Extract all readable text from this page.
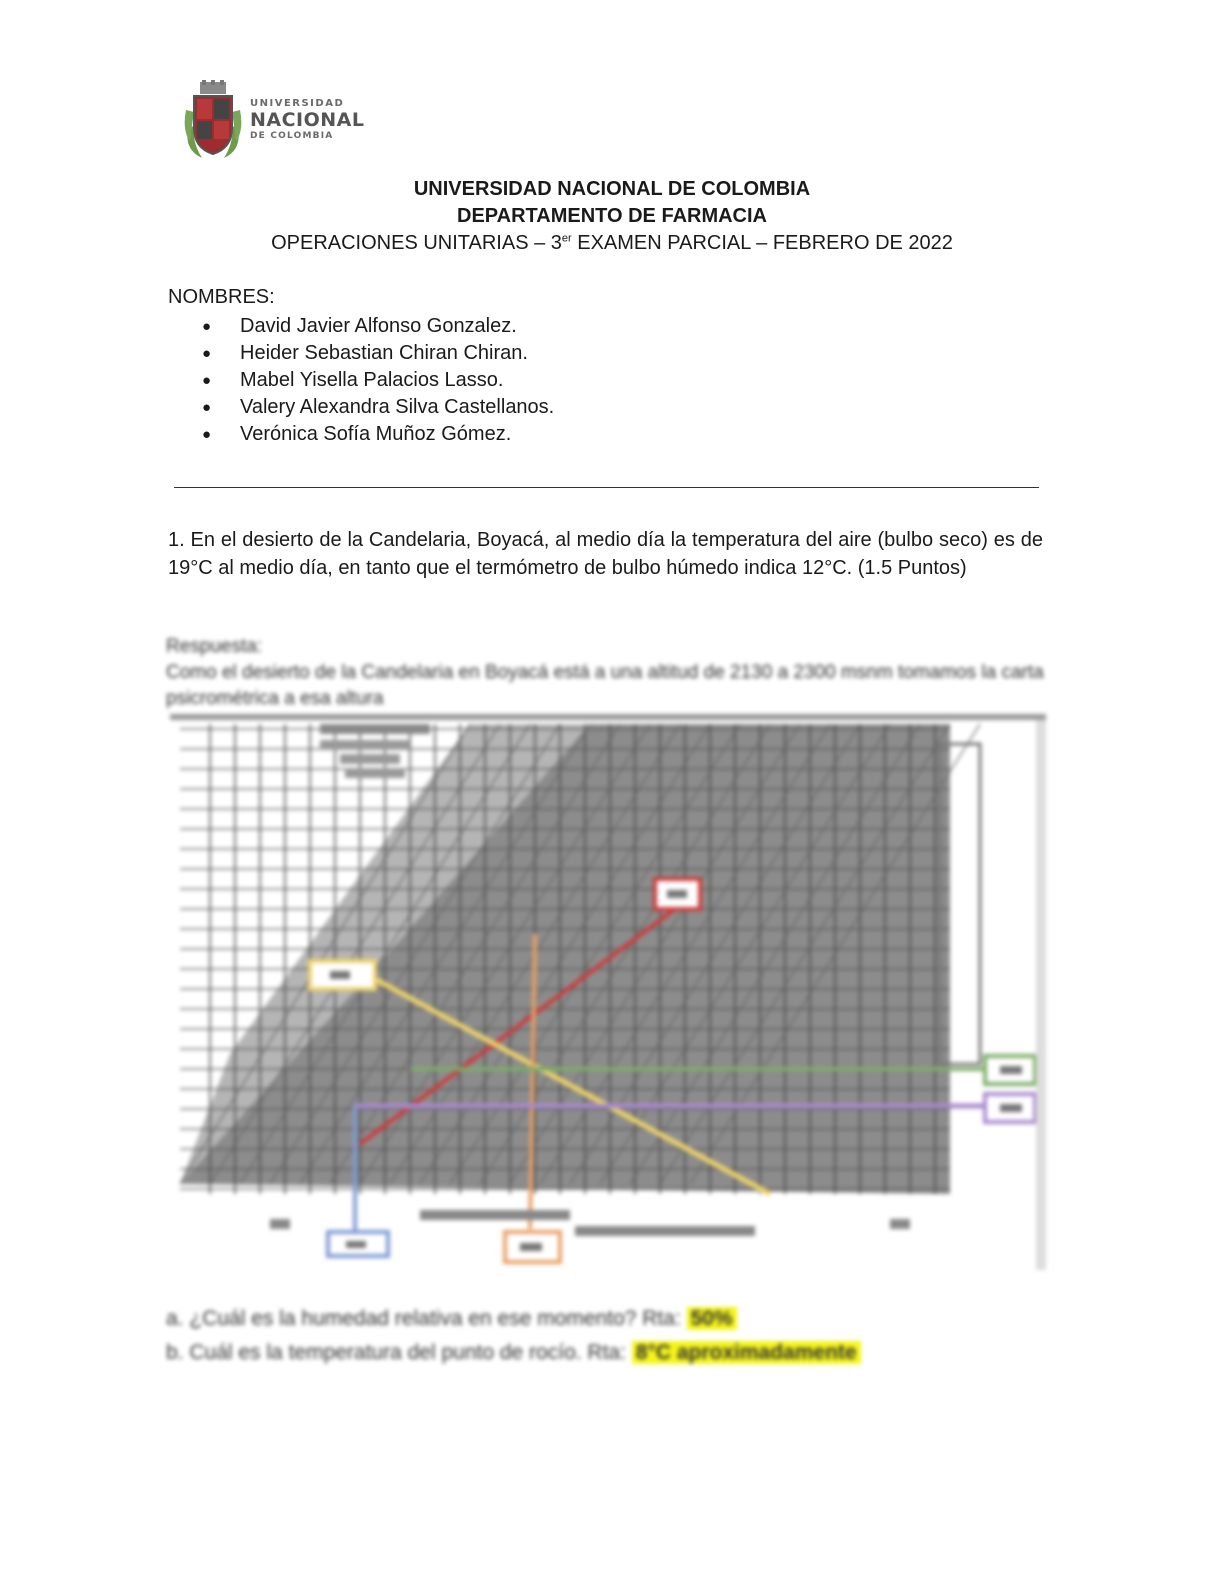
UNIVERSIDAD
NACIONAL
DE COLOMBIA
UNIVERSIDAD NACIONAL DE COLOMBIA
DEPARTAMENTO DE FARMACIA
OPERACIONES UNITARIAS – 3er EXAMEN PARCIAL – FEBRERO DE 2022
NOMBRES:
● David Javier Alfonso Gonzalez.
● Heider Sebastian Chiran Chiran.
● Mabel Yisella Palacios Lasso.
● Valery Alexandra Silva Castellanos.
● Verónica Sofía Muñoz Gómez.
1. En el desierto de la Candelaria, Boyacá, al medio día la temperatura del aire (bulbo seco) es de 19°C al medio día, en tanto que el termómetro de bulbo húmedo indica 12°C. (1.5 Puntos)
Respuesta:
Como el desierto de la Candelaria en Boyacá está a una altitud de 2130 a 2300 msnm tomamos la carta psicrométrica a esa altura
a. ¿Cuál es la humedad relativa en ese momento? Rta: 50%
b. Cuál es la temperatura del punto de rocío. Rta: 8°C aproximadamente
